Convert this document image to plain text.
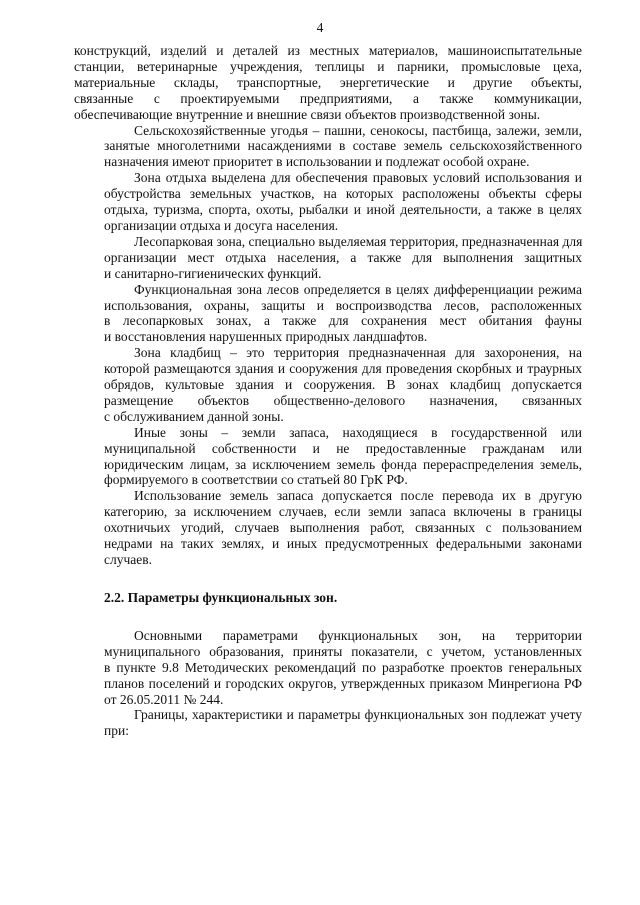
4

конструкций, изделий и деталей из местных материалов, машиноиспытательные
станции, ветеринарные учреждения, теплицы и парники, промысловые цеха,
материальные склады, транспортные, энергетические и другие объекты,
связанные с проектируемыми предприятиями, а также коммуникации,
обеспечивающие внутренние и внешние связи объектов производственной зоны.

Сельскохозяйственные угодья – пашни, сенокосы, пастбища, залежи, земли,
занятые многолетними насаждениями в составе земель сельскохозяйственного
назначения имеют приоритет в использовании и подлежат особой охране.

Зона отдыха выделена для обеспечения правовых условий использования и
обустройства земельных участков, на которых расположены объекты сферы
отдыха, туризма, спорта, охоты, рыбалки и иной деятельности, а также в целях
организации отдыха и досуга населения.

Лесопарковая зона, специально выделяемая территория, предназначенная для
организации мест отдыха населения, а также для выполнения защитных
и санитарно-гигиенических функций.

Функциональная зона лесов определяется в целях дифференциации режима
использования, охраны, защиты и воспроизводства лесов, расположенных
в лесопарковых зонах, а также для сохранения мест обитания фауны
и восстановления нарушенных природных ландшафтов.

Зона кладбищ – это территория предназначенная для захоронения, на
которой размещаются здания и сооружения для проведения скорбных и траурных
обрядов, культовые здания и сооружения. В зонах кладбищ допускается
размещение объектов общественно-делового назначения, связанных
с обслуживанием данной зоны.

Иные зоны – земли запаса, находящиеся в государственной или
муниципальной собственности и не предоставленные гражданам или
юридическим лицам, за исключением земель фонда перераспределения земель,
формируемого в соответствии со статьей 80 ГрК РФ.

Использование земель запаса допускается после перевода их в другую
категорию, за исключением случаев, если земли запаса включены в границы
охотничьих угодий, случаев выполнения работ, связанных с пользованием
недрами на таких землях, и иных предусмотренных федеральными законами
случаев.

2.2. Параметры функциональных зон.

Основными параметрами функциональных зон, на территории
муниципального образования, приняты показатели, с учетом, установленных
в пункте 9.8 Методических рекомендаций по разработке проектов генеральных
планов поселений и городских округов, утвержденных приказом Минрегиона РФ
от 26.05.2011 № 244.

Границы, характеристики и параметры функциональных зон подлежат учету
при:
